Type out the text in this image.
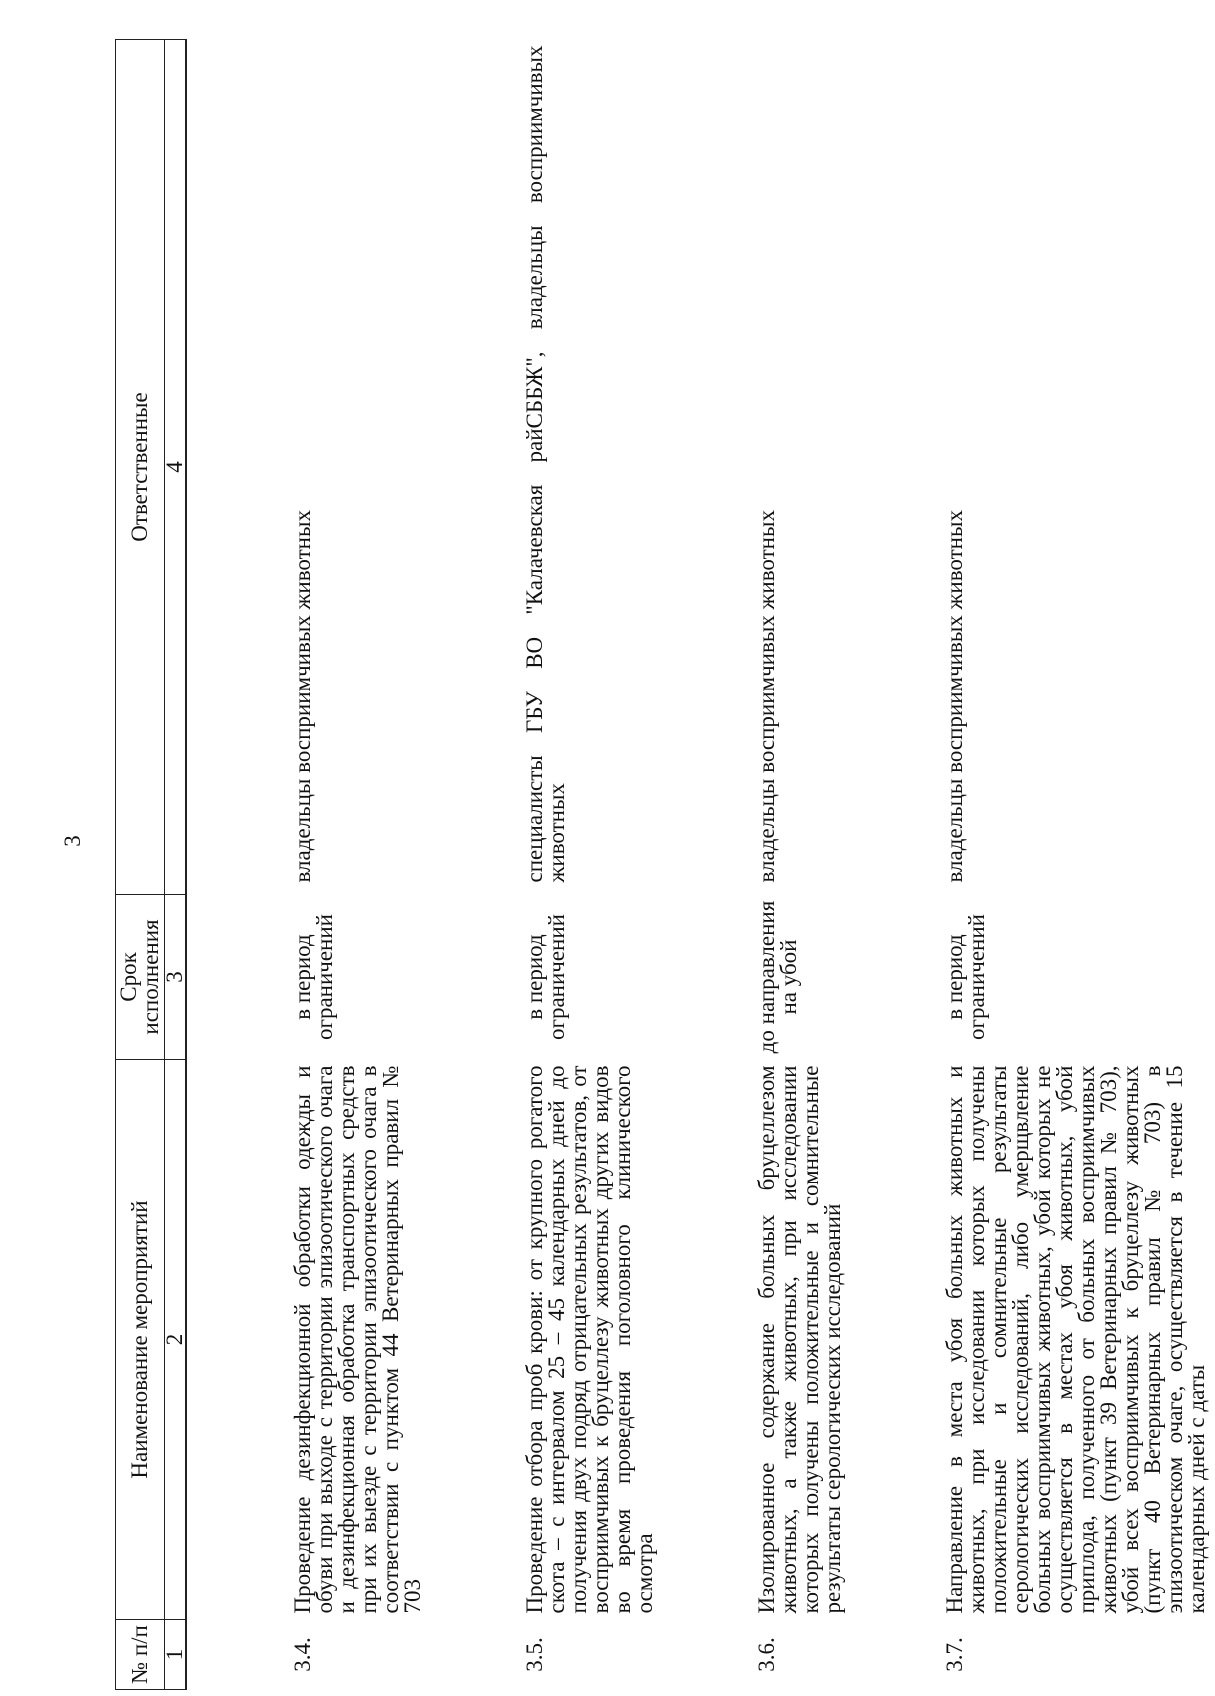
3
№ п/п	Наименование мероприятий	Срок исполнения	Ответственные
1	2	3	4
3.4.	Проведение дезинфекционной обработки одежды и обуви при выходе с территории эпизоотического очага и дезинфекционная обработка транспортных средств при их выезде с территории эпизоотического очага в соответствии с пунктом 44 Ветеринарных правил № 703	в период ограничений	владельцы восприимчивых животных
3.5.	Проведение отбора проб крови: от крупного рогатого скота – с интервалом 25 – 45 календарных дней до получения двух подряд отрицательных результатов, от восприимчивых к бруцеллезу животных других видов во время проведения поголовного клинического осмотра	в период ограничений	специалисты ГБУ ВО "Калачевская райСББЖ", владельцы восприимчивых животных
3.6.	Изолированное содержание больных бруцеллезом животных, а также животных, при исследовании которых получены положительные и сомнительные результаты серологических исследований	до направления на убой	владельцы восприимчивых животных
3.7.	Направление в места убоя больных животных и животных, при исследовании которых получены положительные и сомнительные результаты серологических исследований, либо умерщвление больных восприимчивых животных, убой которых не осуществляется в местах убоя животных, убой приплода, полученного от больных восприимчивых животных (пункт 39 Ветеринарных правил № 703), убой всех восприимчивых к бруцеллезу животных (пункт 40 Ветеринарных правил № 703) в эпизоотическом очаге, осуществляется в течение 15 календарных дней с даты	в период ограничений	владельцы восприимчивых животных
